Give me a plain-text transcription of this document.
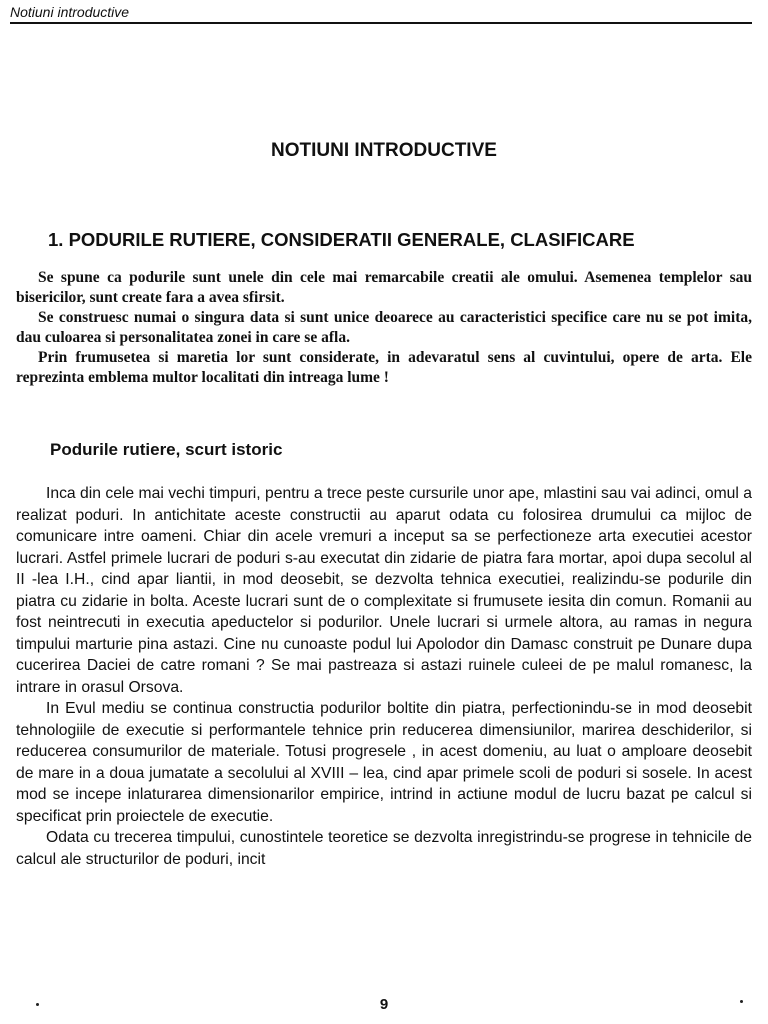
Notiuni introductive
NOTIUNI INTRODUCTIVE
1. PODURILE RUTIERE, CONSIDERATII GENERALE, CLASIFICARE

Se spune ca podurile sunt unele din cele mai remarcabile creatii ale omului. Asemenea templelor sau bisericilor, sunt create fara a avea sfirsit.

Se construesc numai o singura data si sunt unice deoarece au caracteristici specifice care nu se pot imita, dau culoarea si personalitatea zonei in care se afla.

Prin frumusetea si maretia lor sunt considerate, in adevaratul sens al cuvintului, opere de arta. Ele reprezinta emblema multor localitati din intreaga lume !

Podurile rutiere, scurt istoric

Inca din cele mai vechi timpuri, pentru a trece peste cursurile unor ape, mlastini sau vai adinci, omul a realizat poduri. In antichitate aceste constructii au aparut odata cu folosirea drumului ca mijloc de comunicare intre oameni. Chiar din acele vremuri a inceput sa se perfectioneze arta executiei acestor lucrari. Astfel primele lucrari de poduri s-au executat din zidarie de piatra fara mortar, apoi dupa secolul al II -lea I.H., cind apar liantii, in mod deosebit, se dezvolta tehnica executiei, realizindu-se podurile din piatra cu zidarie in bolta. Aceste lucrari sunt de o complexitate si frumusete iesita din comun. Romanii au fost neintrecuti in executia apeductelor si podurilor. Unele lucrari si urmele altora, au ramas in negura timpului marturie pina astazi. Cine nu cunoaste podul lui Apolodor din Damasc construit pe Dunare dupa cucerirea Daciei de catre romani ? Se mai pastreaza si astazi ruinele culeei de pe malul romanesc, la intrare in orasul Orsova.

In Evul mediu se continua constructia podurilor boltite din piatra, perfectionindu-se in mod deosebit tehnologiile de executie si performantele tehnice prin reducerea dimensiunilor, marirea deschiderilor, si reducerea consumurilor de materiale. Totusi progresele , in acest domeniu, au luat o amploare deosebit de mare in a doua jumatate a secolului al XVIII – lea, cind apar primele scoli de poduri si sosele. In acest mod se incepe inlaturarea dimensionarilor empirice, intrind in actiune modul de lucru bazat pe calcul si specificat prin proiectele de executie.

Odata cu trecerea timpului, cunostintele teoretice se dezvolta inregistrindu-se progrese in tehnicile de calcul ale structurilor de poduri, incit

9
